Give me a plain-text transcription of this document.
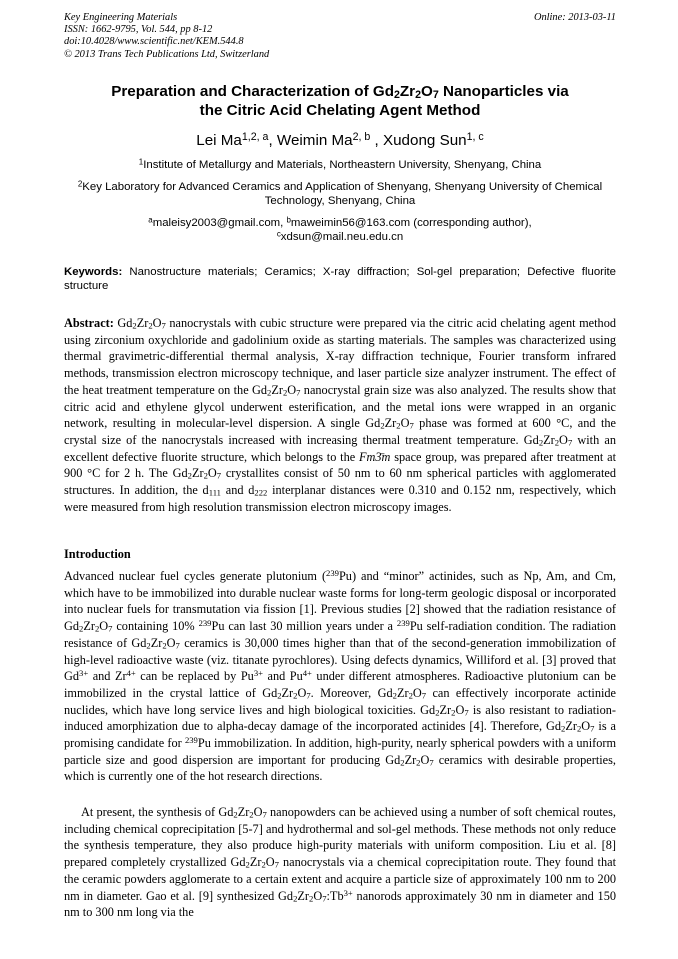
Key Engineering Materials	Online: 2013-03-11
ISSN: 1662-9795, Vol. 544, pp 8-12
doi:10.4028/www.scientific.net/KEM.544.8
© 2013 Trans Tech Publications Ltd, Switzerland
Preparation and Characterization of $Gd_2Zr_2O_7$ Nanoparticles via
the Citric Acid Chelating Agent Method
Lei Ma$^{1,2, a}$, Weimin Ma$^{2, b}$ , Xudong Sun$^{1, c}$
$^1$Institute of Metallurgy and Materials, Northeastern University, Shenyang, China
$^2$Key Laboratory for Advanced Ceramics and Application of Shenyang, Shenyang University of Chemical Technology, Shenyang, China
$^a$maleisy2003@gmail.com, $^b$maweimin56@163.com (corresponding author),
$^c$xdsun@mail.neu.edu.cn
Keywords: Nanostructure materials; Ceramics; X-ray diffraction; Sol-gel preparation; Defective fluorite structure
Abstract: $Gd_2Zr_2O_7$ nanocrystals with cubic structure were prepared via the citric acid chelating agent method using zirconium oxychloride and gadolinium oxide as starting materials. The samples was characterized using thermal gravimetric-differential thermal analysis, X-ray diffraction technique, Fourier transform infrared methods, transmission electron microscopy technique, and laser particle size analyzer instrument. The effect of the heat treatment temperature on the $Gd_2Zr_2O_7$ nanocrystal grain size was also analyzed. The results show that citric acid and ethylene glycol underwent esterification, and the metal ions were wrapped in an organic network, resulting in molecular-level dispersion. A single $Gd_2Zr_2O_7$ phase was formed at 600 °C, and the crystal size of the nanocrystals increased with increasing thermal treatment temperature. $Gd_2Zr_2O_7$ with an excellent defective fluorite structure, which belongs to the Fm3̄m space group, was prepared after treatment at 900 °C for 2 h. The $Gd_2Zr_2O_7$ crystallites consist of 50 nm to 60 nm spherical particles with agglomerated structures. In addition, the $d_{111}$ and $d_{222}$ interplanar distances were 0.310 and 0.152 nm, respectively, which were measured from high resolution transmission electron microscopy images.
Introduction
Advanced nuclear fuel cycles generate plutonium ($^{239}$Pu) and “minor” actinides, such as Np, Am, and Cm, which have to be immobilized into durable nuclear waste forms for long-term geologic disposal or incorporated into nuclear fuels for transmutation via fission [1]. Previous studies [2] showed that the radiation resistance of $Gd_2Zr_2O_7$ containing 10% $^{239}$Pu can last 30 million years under a $^{239}$Pu self-radiation condition. The radiation resistance of $Gd_2Zr_2O_7$ ceramics is 30,000 times higher than that of the second-generation immobilization of high-level radioactive waste (viz. titanate pyrochlores). Using defects dynamics, Williford et al. [3] proved that $Gd^{3+}$ and $Zr^{4+}$ can be replaced by $Pu^{3+}$ and $Pu^{4+}$ under different atmospheres. Radioactive plutonium can be immobilized in the crystal lattice of $Gd_2Zr_2O_7$. Moreover, $Gd_2Zr_2O_7$ can effectively incorporate actinide nuclides, which have long service lives and high biological toxicities. $Gd_2Zr_2O_7$ is also resistant to radiation-induced amorphization due to alpha-decay damage of the incorporated actinides [4]. Therefore, $Gd_2Zr_2O_7$ is a promising candidate for $^{239}$Pu immobilization. In addition, high-purity, nearly spherical powders with a uniform particle size and good dispersion are important for producing $Gd_2Zr_2O_7$ ceramics with desirable properties, which is currently one of the hot research directions.
At present, the synthesis of $Gd_2Zr_2O_7$ nanopowders can be achieved using a number of soft chemical routes, including chemical coprecipitation [5-7] and hydrothermal and sol-gel methods. These methods not only reduce the synthesis temperature, they also produce high-purity materials with uniform composition. Liu et al. [8] prepared completely crystallized $Gd_2Zr_2O_7$ nanocrystals via a chemical coprecipitation route. They found that the ceramic powders agglomerate to a certain extent and acquire a particle size of approximately 100 nm to 200 nm in diameter. Gao et al. [9] synthesized $Gd_2Zr_2O_7:Tb^{3+}$ nanorods approximately 30 nm in diameter and 150 nm to 300 nm long via the
